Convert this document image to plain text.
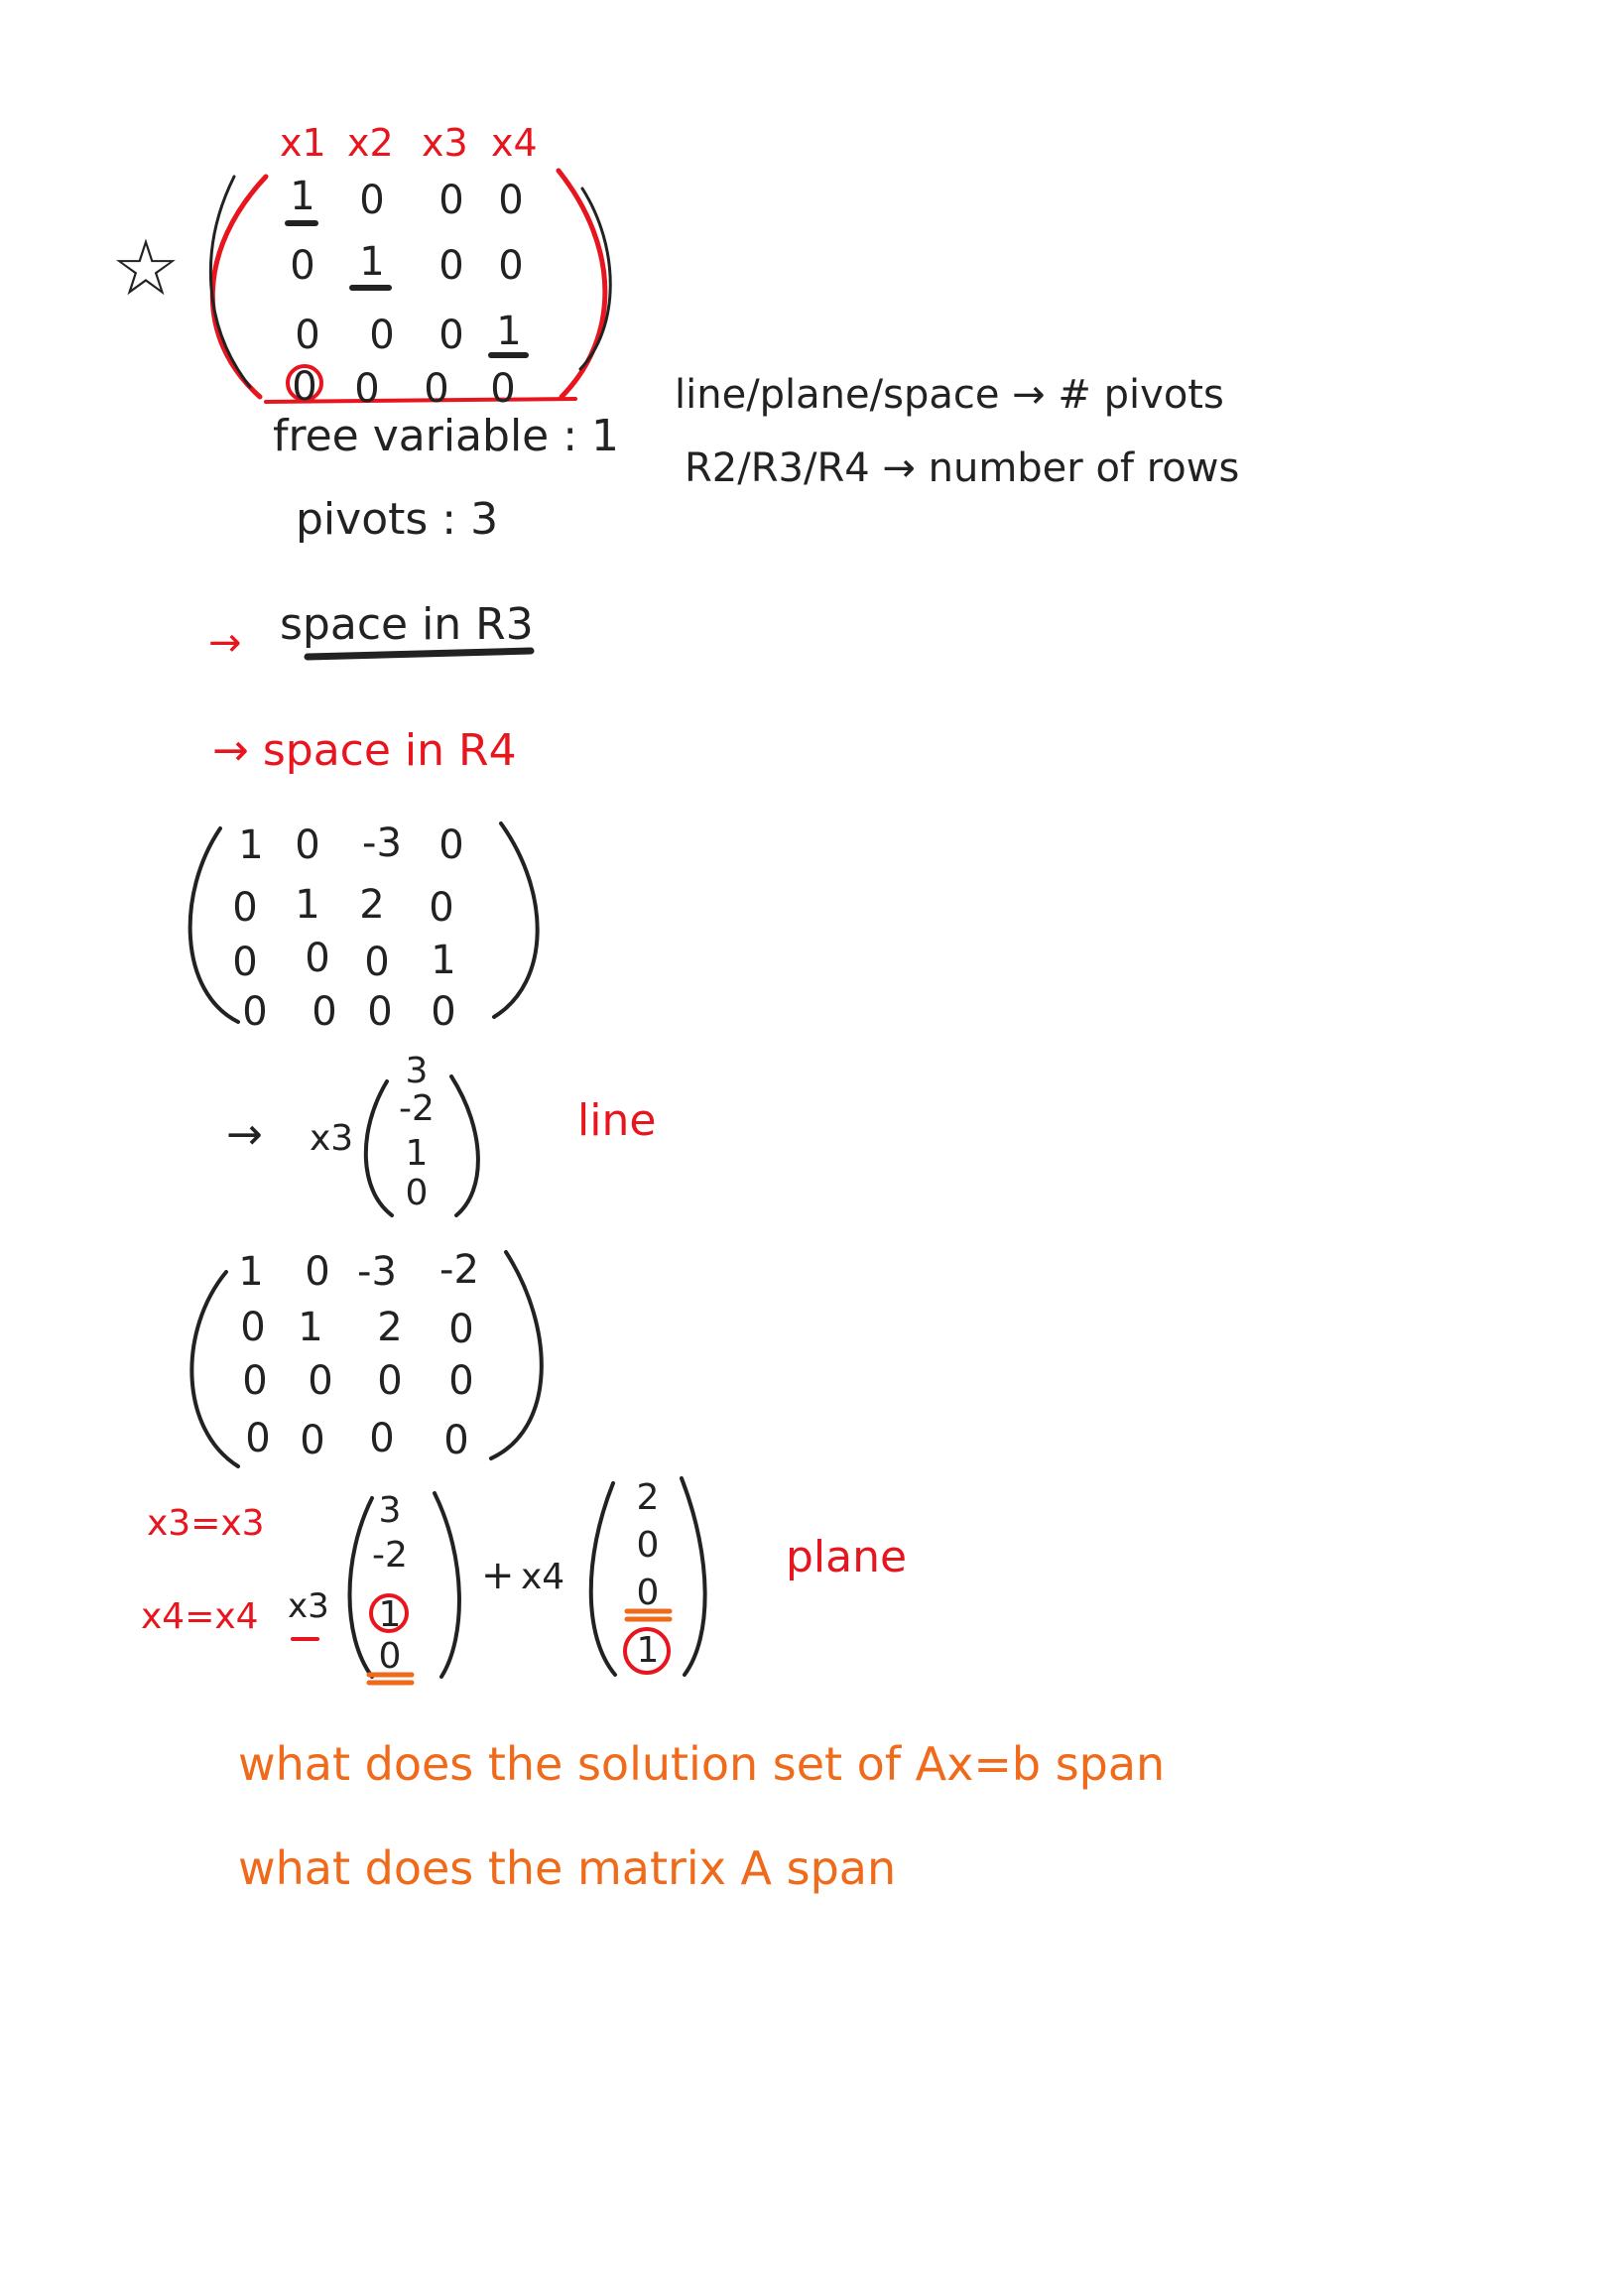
☆
x1 x2 x3 x4
1	0	0 0
0	1	0 0
0	0	0 1
0 0	0	0
free variable : 1
pivots : 3
→ space in R3
→ space in R4
line/plane/space → # pivots
R2/R3/R4 → number of rows
1 0	-3 0
0 1 2	0
0	0 0	1
0	0 0 0
→ x3
3
-2
1
0
line
1	0 -3	-2
0 1	2	0
0	0	0	0
0 0	0	0
x3=x3
x4=x4 x3
3
-2
1
0
+ x4
2
0
0
1
plane
what does the solution set of Ax=b span
what does the matrix A span
